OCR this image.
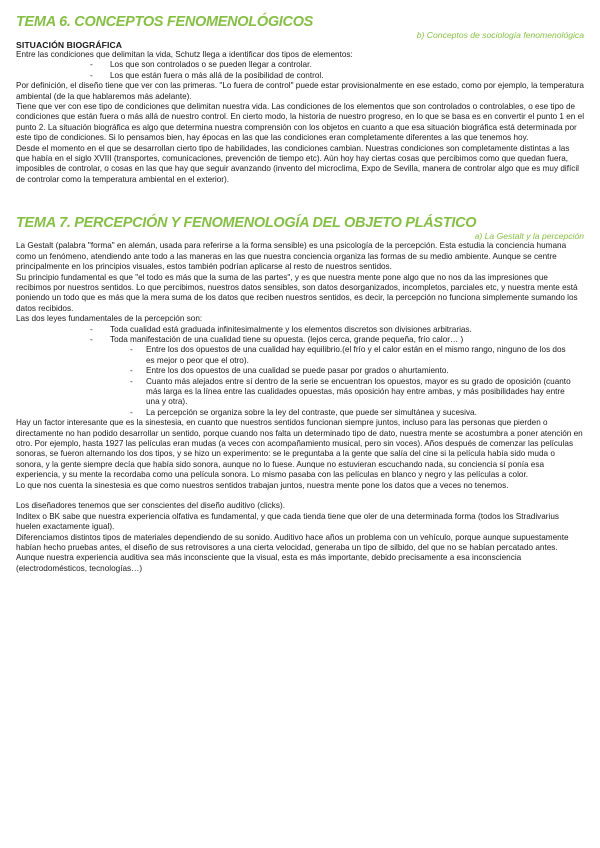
TEMA 6. CONCEPTOS FENOMENOLÓGICOS
b) Conceptos de sociología fenomenológica
SITUACIÓN BIOGRÁFICA

Entre las condiciones que delimitan la vida, Schutz llega a identificar dos tipos de elementos:

- Los que son controlados o se pueden llegar a controlar.
- Los que están fuera o más allá de la posibilidad de control.

Por definición, el diseño tiene que ver con las primeras. "Lo fuera de control" puede estar provisionalmente en ese estado, como por ejemplo, la temperatura ambiental (de la que hablaremos más adelante).

Tiene que ver con ese tipo de condiciones que delimitan nuestra vida. Las condiciones de los elementos que son controlados o controlables, o ese tipo de condiciones que están fuera o más allá de nuestro control. En cierto modo, la historia de nuestro progreso, en lo que se basa es en convertir el punto 1 en el punto 2. La situación biográfica es algo que determina nuestra comprensión con los objetos en cuanto a que esa situación biográfica está determinada por este tipo de condiciones. Si lo pensamos bien, hay épocas en las que las condiciones eran completamente diferentes a las que tenemos hoy.

Desde el momento en el que se desarrollan cierto tipo de habilidades, las condiciones cambian. Nuestras condiciones son completamente distintas a las que había en el siglo XVIII (transportes, comunicaciones, prevención de tiempo etc). Aún hoy hay ciertas cosas que percibimos como que quedan fuera, imposibles de controlar, o cosas en las que hay que seguir avanzando (invento del microclima, Expo de Sevilla, manera de controlar algo que es muy difícil de controlar como la temperatura ambiental en el exterior).

TEMA 7. PERCEPCIÓN Y FENOMENOLOGÍA DEL OBJETO PLÁSTICO
a) La Gestalt y la percepción

La Gestalt (palabra "forma" en alemán, usada para referirse a la forma sensible) es una psicología de la percepción. Esta estudia la conciencia humana como un fenómeno, atendiendo ante todo a las maneras en las que nuestra conciencia organiza las formas de su medio ambiente. Aunque se centre principalmente en los principios visuales, estos también podrían aplicarse al resto de nuestros sentidos.

Su principio fundamental es que "el todo es más que la suma de las partes", y es que nuestra mente pone algo que no nos da las impresiones que recibimos por nuestros sentidos. Lo que percibimos, nuestros datos sensibles, son datos desorganizados, incompletos, parciales etc, y nuestra mente está poniendo un todo que es más que la mera suma de los datos que reciben nuestros sentidos, es decir, la percepción no funciona simplemente sumando los datos recibidos.

Las dos leyes fundamentales de la percepción son:

- Toda cualidad está graduada infinitesimalmente y los elementos discretos son divisiones arbitrarias.
- Toda manifestación de una cualidad tiene su opuesta. (lejos cerca, grande pequeña, frío calor… )
- Entre los dos opuestos de una cualidad hay equilibrio.(el frío y el calor están en el mismo rango, ninguno de los dos es mejor o peor que el otro).
- Entre los dos opuestos de una cualidad se puede pasar por grados o ahurtamiento.
- Cuanto más alejados entre sí dentro de la serie se encuentran los opuestos, mayor es su grado de oposición (cuanto más larga es la línea entre las cualidades opuestas, más oposición hay entre ambas, y más posibilidades hay entre una y otra).
- La percepción se organiza sobre la ley del contraste, que puede ser simultánea y sucesiva.

Hay un factor interesante que es la sinestesia, en cuanto que nuestros sentidos funcionan siempre juntos, incluso para las personas que pierden o directamente no han podido desarrollar un sentido, porque cuando nos falta un determinado tipo de dato, nuestra mente se acostumbra a poner atención en otro. Por ejemplo, hasta 1927 las películas eran mudas (a veces con acompañamiento musical, pero sin voces). Años después de comenzar las películas sonoras, se fueron alternando los dos tipos, y se hizo un experimento: se le preguntaba a la gente que salía del cine si la película había sido muda o sonora, y la gente siempre decía que había sido sonora, aunque no lo fuese. Aunque no estuvieran escuchando nada, su conciencia sí ponía esa experiencia, y su mente la recordaba como una película sonora. Lo mismo pasaba con las películas en blanco y negro y las películas a color.

Lo que nos cuenta la sinestesia es que como nuestros sentidos trabajan juntos, nuestra mente pone los datos que a veces no tenemos.

Los diseñadores tenemos que ser conscientes del diseño auditivo (clicks).

Inditex o BK sabe que nuestra experiencia olfativa es fundamental, y que cada tienda tiene que oler de una determinada forma (todos los Stradivarius huelen exactamente igual).

Diferenciamos distintos tipos de materiales dependiendo de su sonido. Auditivo hace años un problema con un vehículo, porque aunque supuestamente habían hecho pruebas antes, el diseño de sus retrovisores a una cierta velocidad, generaba un tipo de silbido, del que no se habían percatado antes.

Aunque nuestra experiencia auditiva sea más inconsciente que la visual, esta es más importante, debido precisamente a esa inconsciencia (electrodomésticos, tecnologías…)
